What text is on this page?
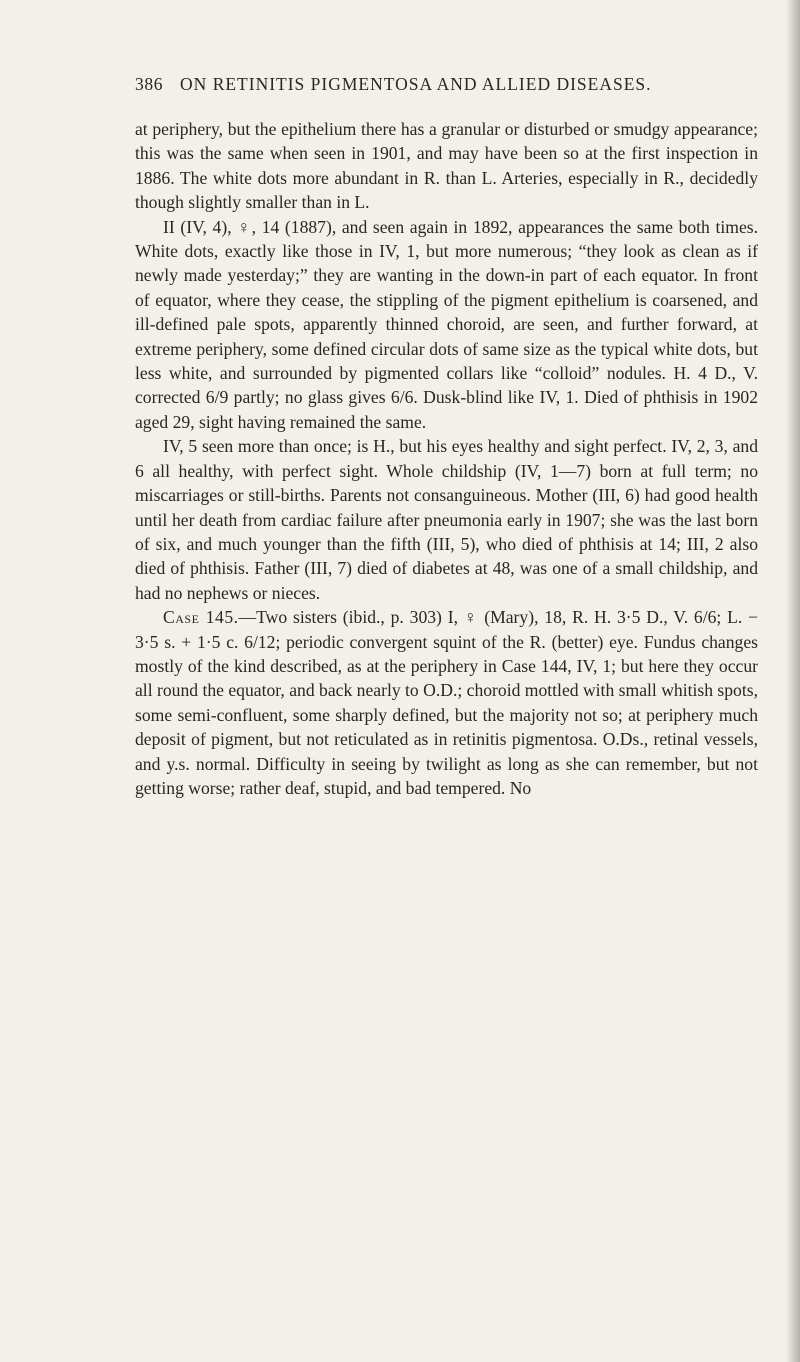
386 ON RETINITIS PIGMENTOSA AND ALLIED DISEASES.

at periphery, but the epithelium there has a granular or disturbed or smudgy appearance; this was the same when seen in 1901, and may have been so at the first inspection in 1886. The white dots more abundant in R. than L. Arteries, especially in R., decidedly though slightly smaller than in L.

II (IV, 4), ♀, 14 (1887), and seen again in 1892, appearances the same both times. White dots, exactly like those in IV, 1, but more numerous; “they look as clean as if newly made yesterday;” they are wanting in the down-in part of each equator. In front of equator, where they cease, the stippling of the pigment epithelium is coarsened, and ill-defined pale spots, apparently thinned choroid, are seen, and further forward, at extreme periphery, some defined circular dots of same size as the typical white dots, but less white, and surrounded by pigmented collars like “colloid” nodules. H. 4 D., V. corrected 6/9 partly; no glass gives 6/6. Dusk-blind like IV, 1. Died of phthisis in 1902 aged 29, sight having remained the same.

IV, 5 seen more than once; is H., but his eyes healthy and sight perfect. IV, 2, 3, and 6 all healthy, with perfect sight. Whole childship (IV, 1—7) born at full term; no miscarriages or still-births. Parents not consanguineous. Mother (III, 6) had good health until her death from cardiac failure after pneumonia early in 1907; she was the last born of six, and much younger than the fifth (III, 5), who died of phthisis at 14; III, 2 also died of phthisis. Father (III, 7) died of diabetes at 48, was one of a small childship, and had no nephews or nieces.

Case 145.—Two sisters (ibid., p. 303) I, ♀ (Mary), 18, R. H. 3·5 D., V. 6/6; L. − 3·5 s. + 1·5 c. 6/12; periodic convergent squint of the R. (better) eye. Fundus changes mostly of the kind described, as at the periphery in Case 144, IV, 1; but here they occur all round the equator, and back nearly to O.D.; choroid mottled with small whitish spots, some semi-confluent, some sharply defined, but the majority not so; at periphery much deposit of pigment, but not reticulated as in retinitis pigmentosa. O.Ds., retinal vessels, and y.s. normal. Difficulty in seeing by twilight as long as she can remember, but not getting worse; rather deaf, stupid, and bad tempered. No
